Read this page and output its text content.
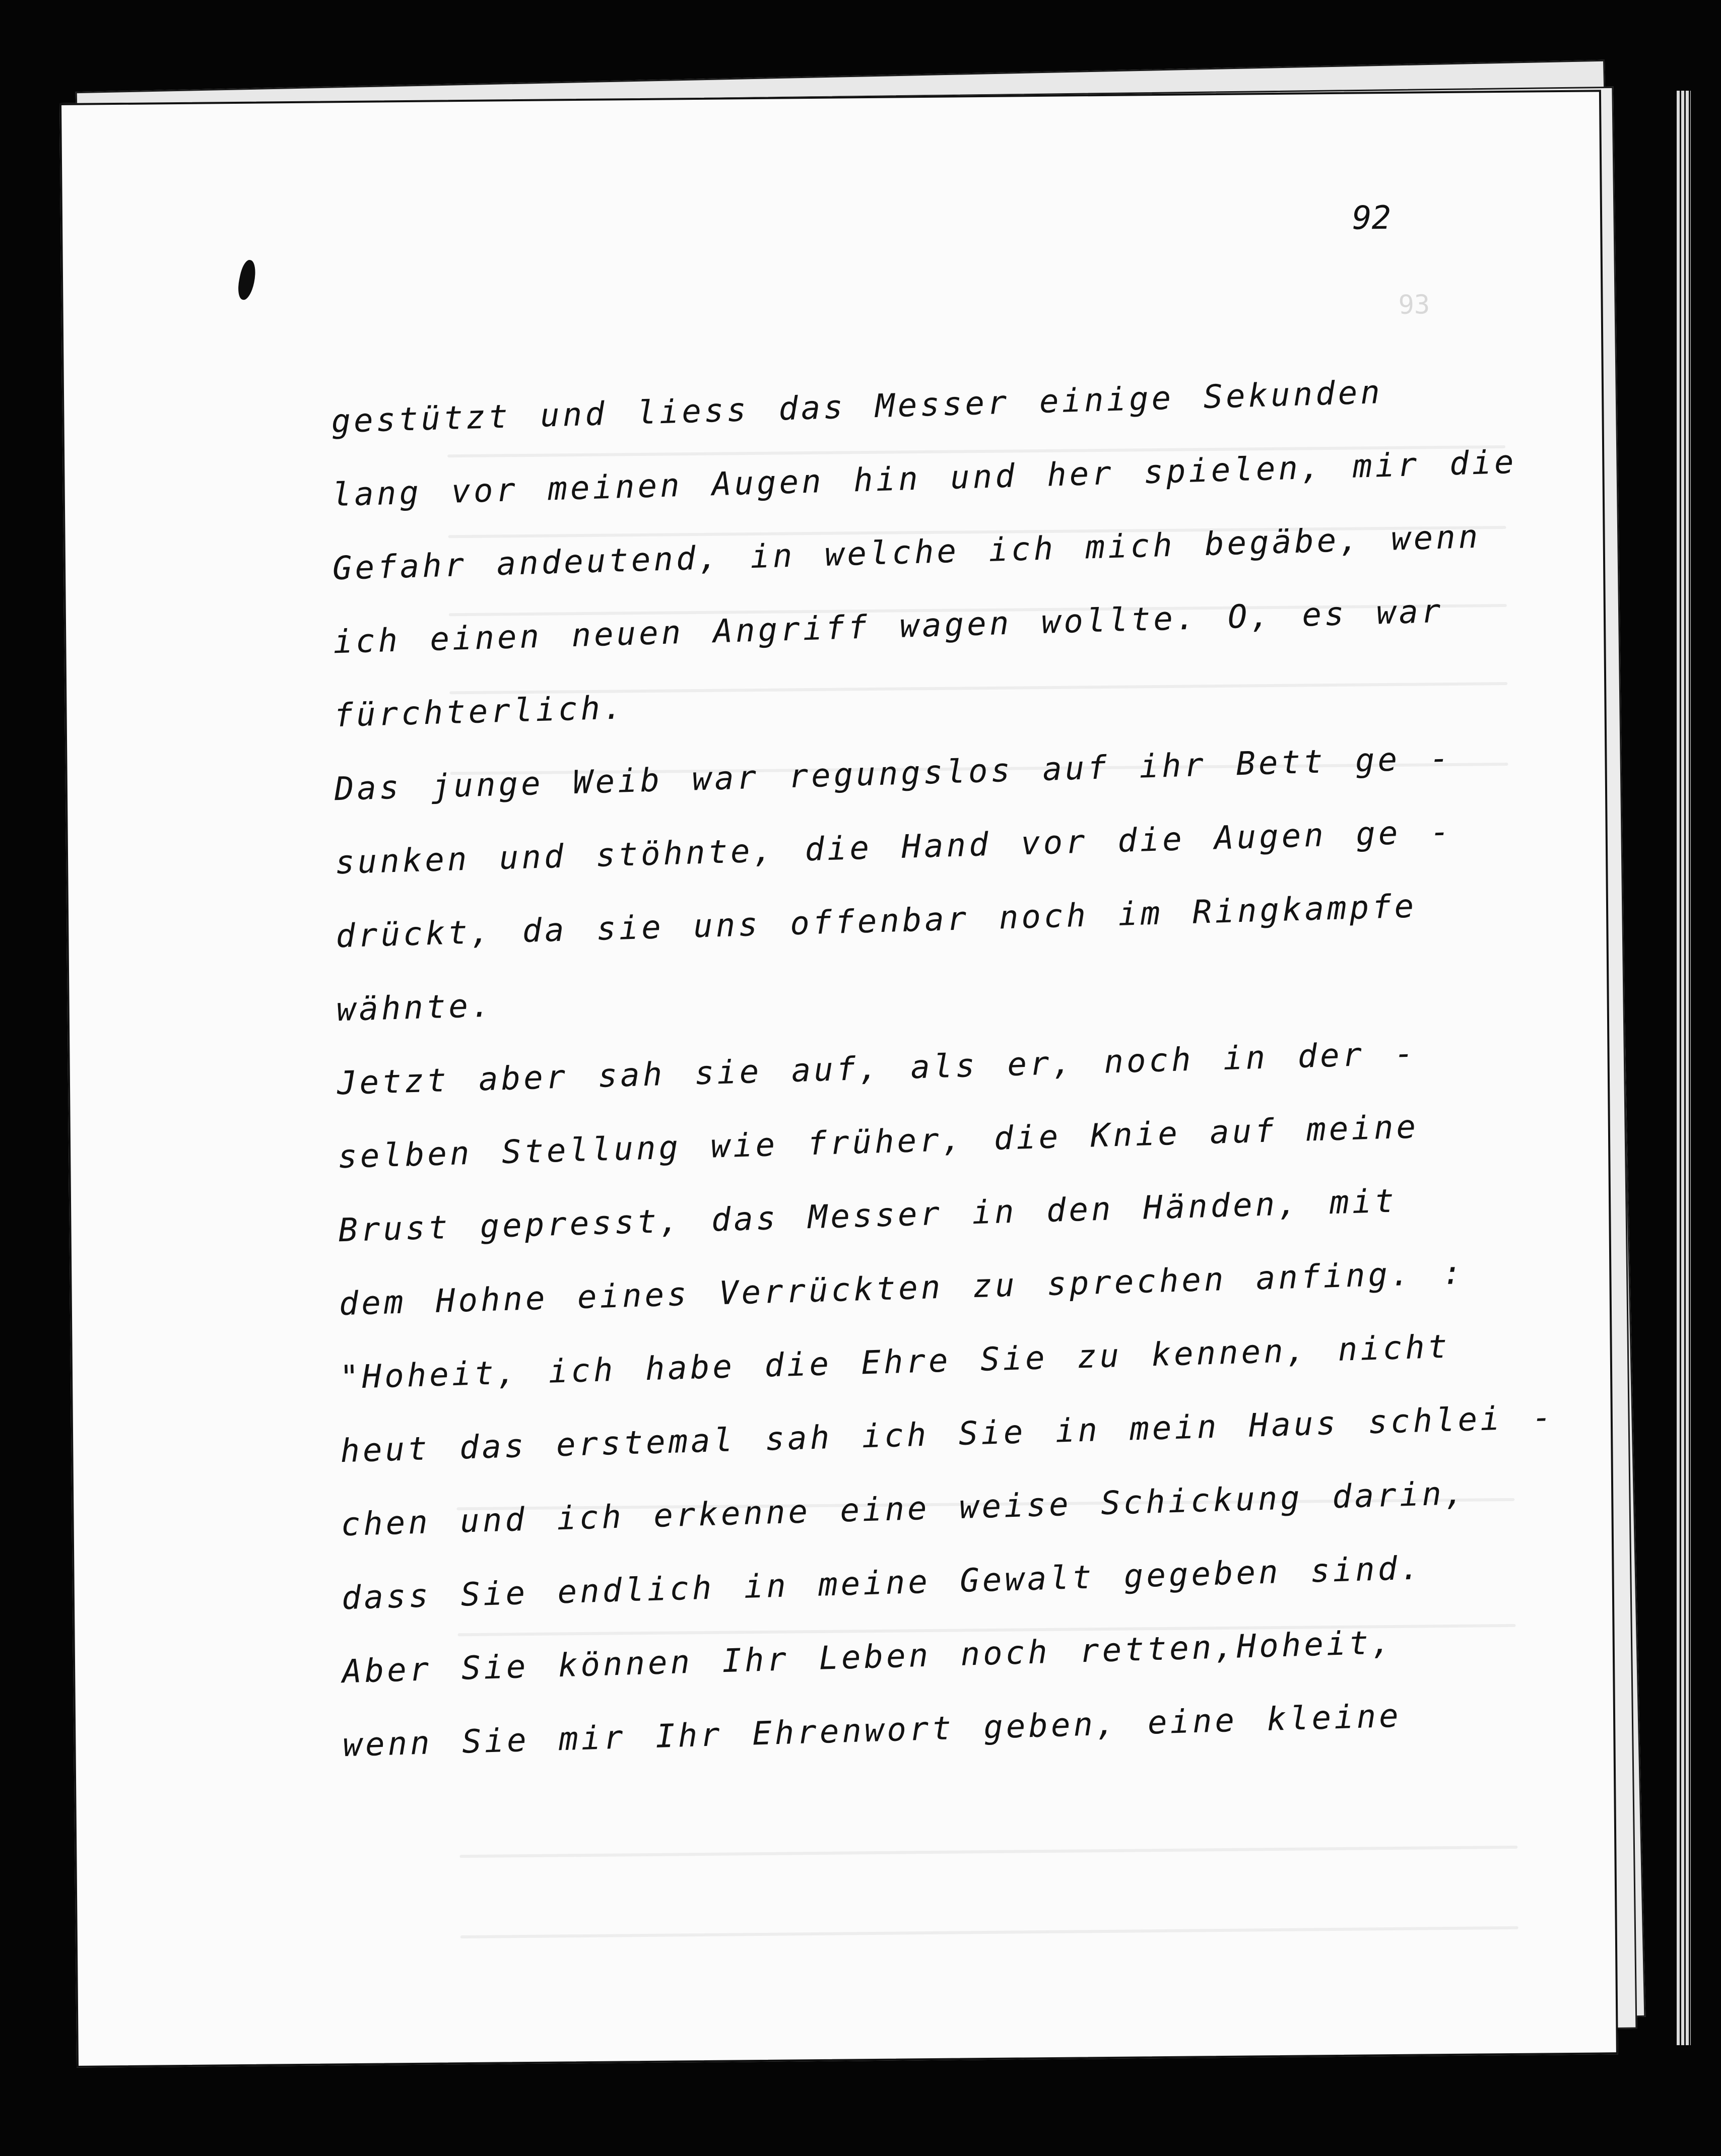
92
93
gestützt und liess das Messer einige Sekunden
lang vor meinen Augen hin und her spielen, mir die
Gefahr andeutend, in welche ich mich begäbe, wenn
ich einen neuen Angriff wagen wollte. O, es war
fürchterlich.
Das junge Weib war regungslos auf ihr Bett ge -
sunken und stöhnte, die Hand vor die Augen ge -
drückt, da sie uns offenbar noch im Ringkampfe
wähnte.
Jetzt aber sah sie auf, als er, noch in der -
selben Stellung wie früher, die Knie auf meine
Brust gepresst, das Messer in den Händen, mit
dem Hohne eines Verrückten zu sprechen anfing. :
"Hoheit, ich habe die Ehre Sie zu kennen, nicht
heut das erstemal sah ich Sie in mein Haus schlei -
chen und ich erkenne eine weise Schickung darin,
dass Sie endlich in meine Gewalt gegeben sind.
Aber Sie können Ihr Leben noch retten,Hoheit,
wenn Sie mir Ihr Ehrenwort geben, eine kleine
